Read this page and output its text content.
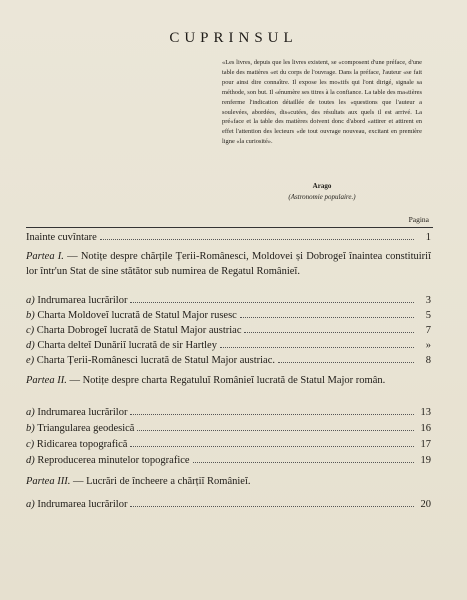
CUPRINSUL
«Les livres, depuis que les livres existent, se «composent d'une préface, d'une table des matières «et du corps de l'ouvrage. Dans la préface, l'auteur «se fait pour ainsi dire connaître. Il expose les mo«tifs qui l'ont dirigé, signale sa méthode, son but. Il «énumère ses titres à la confiance. La table des ma«tières renferme l'indication détaillée de toutes les «questions que l'auteur a soulevées, abordées, dis«cutées, des résultats aux quels il est arrivé. La pré«face et la table des matières doivent donc d'abord «attirer et attirent en effet l'attention des lecteurs «de tout ouvrage nouveau, excitant en première ligne «la curiosité».
Arago
(Astronomie populaire.)
Pagina
Inainte cuvîntare	1
Partea I. — Notițe despre chărțile Țerii-Românesci, Moldovei și Dobrogeĭ înaintea constituiriĭ lor într'un Stat de sine stătător sub numirea de Regatul Românieĭ.
a) Indrumarea lucrărilor	3
b) Charta Moldoveĭ lucrată de Statul Major rusesc	5
c) Charta Dobrogeĭ lucrată de Statul Major austriac	7
d) Charta delteĭ Dunăriĭ lucrată de sir Hartley	»
e) Charta Țerii-Românesci lucrată de Statul Major austriac.	8
Partea II. — Notițe despre charta Regatuluĭ Românieĭ lucrată de Statul Major român.
a) Indrumarea lucrărilor	13
b) Triangularea geodesică	16
c) Ridicarea topografică	17
d) Reproducerea minutelor topografice	19
Partea III. — Lucrări de încheere a chărțiĭ Românieĭ.
a) Indrumarea lucrărilor	20
